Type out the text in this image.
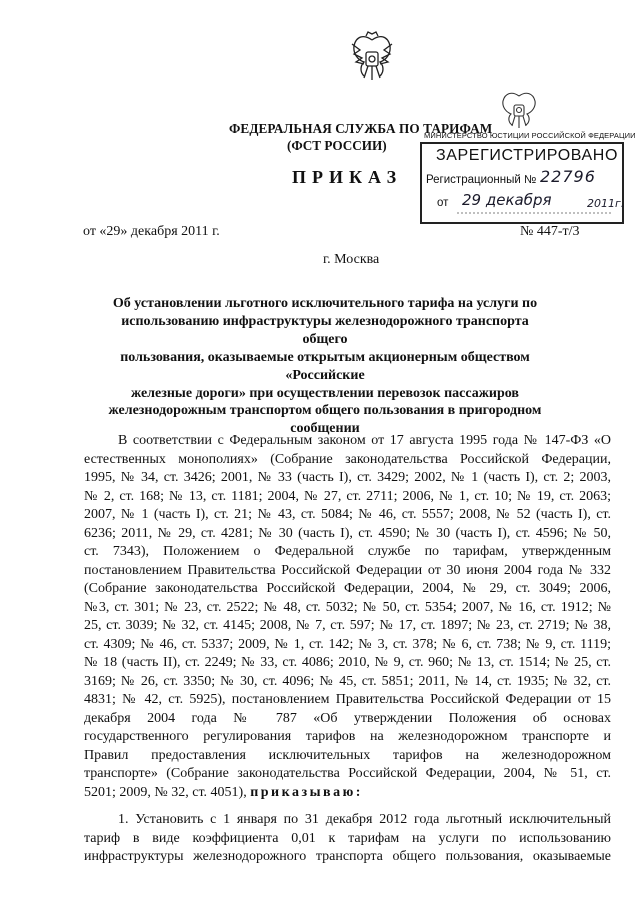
ФЕДЕРАЛЬНАЯ СЛУЖБА ПО ТАРИФАМ
(ФСТ РОССИИ)
ПРИКАЗ
МИНИСТЕРСТВО ЮСТИЦИИ РОССИЙСКОЙ ФЕДЕРАЦИИ
ЗАРЕГИСТРИРОВАНО
Регистрационный № 22796
от 29 декабря	2011г.
от «29» декабря 2011 г.	№ 447-т/3
г. Москва
Об установлении льготного исключительного тарифа на услуги по
использованию инфраструктуры железнодорожного транспорта общего
пользования, оказываемые открытым акционерным обществом «Российские
железные дороги» при осуществлении перевозок пассажиров
железнодорожным транспортом общего пользования в пригородном
сообщении
В соответствии с Федеральным законом от 17 августа 1995 года № 147-ФЗ «О
естественных монополиях» (Собрание законодательства Российской Федерации,
1995, № 34, ст. 3426; 2001, № 33 (часть I), ст. 3429; 2002, № 1 (часть I), ст. 2; 2003,
№ 2, ст. 168; № 13, ст. 1181; 2004, № 27, ст. 2711; 2006, № 1, ст. 10; № 19, ст. 2063;
2007, № 1 (часть I), ст. 21; № 43, ст. 5084; № 46, ст. 5557; 2008, № 52 (часть I), ст.
6236; 2011, № 29, ст. 4281; № 30 (часть I), ст. 4590; № 30 (часть I), ст. 4596; № 50,
ст. 7343), Положением о Федеральной службе по тарифам, утвержденным
постановлением Правительства Российской Федерации от 30 июня 2004 года № 332
(Собрание законодательства Российской Федерации, 2004, № 29, ст. 3049; 2006,
№3, ст. 301; № 23, ст. 2522; № 48, ст. 5032; № 50, ст. 5354; 2007, № 16, ст. 1912; №
25, ст. 3039; № 32, ст. 4145; 2008, № 7, ст. 597; № 17, ст. 1897; № 23, ст. 2719; № 38,
ст. 4309; № 46, ст. 5337; 2009, № 1, ст. 142; № 3, ст. 378; № 6, ст. 738; № 9, ст. 1119;
№ 18 (часть II), ст. 2249; № 33, ст. 4086; 2010, № 9, ст. 960; № 13, ст. 1514; № 25, ст.
3169; № 26, ст. 3350; № 30, ст. 4096; № 45, ст. 5851; 2011, № 14, ст. 1935; № 32, ст.
4831; № 42, ст. 5925), постановлением Правительства Российской Федерации от 15
декабря 2004 года № 787 «Об утверждении Положения об основах
государственного регулирования тарифов на железнодорожном транспорте и
Правил предоставления исключительных тарифов на железнодорожном
транспорте» (Собрание законодательства Российской Федерации, 2004, № 51, ст.
5201; 2009, № 32, ст. 4051), приказываю:
1. Установить с 1 января по 31 декабря 2012 года льготный исключительный
тариф в виде коэффициента 0,01 к тарифам на услуги по использованию
инфраструктуры железнодорожного транспорта общего пользования, оказываемые
